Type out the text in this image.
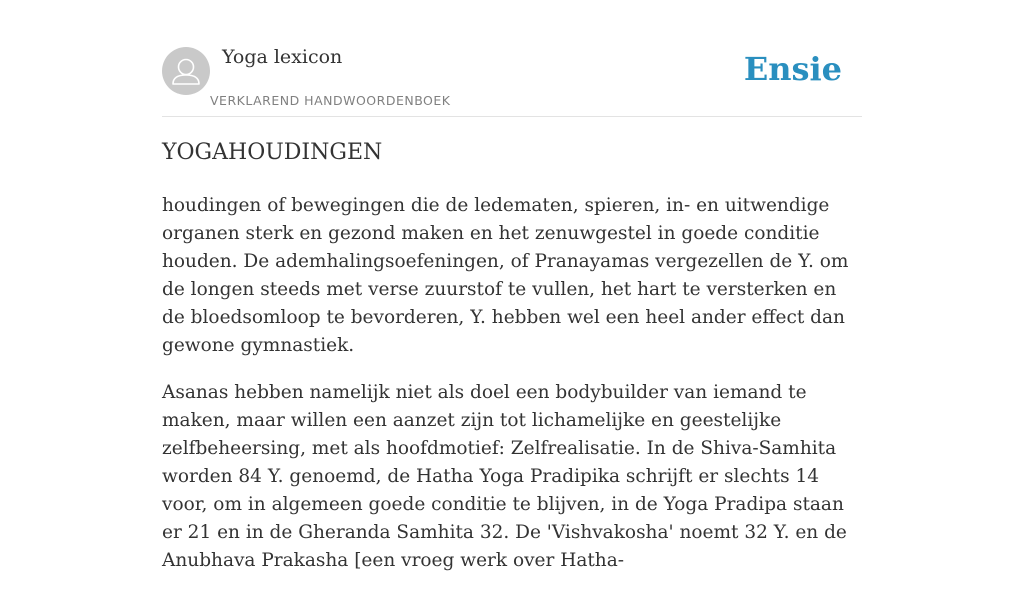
Yoga lexicon
VERKLAREND HANDWOORDENBOEK
Ensie
YOGAHOUDINGEN

houdingen of bewegingen die de ledematen, spieren, in- en uitwendige organen sterk en gezond maken en het zenuwgestel in goede conditie houden. De ademhalingsoefeningen, of Pranayamas vergezellen de Y. om de longen steeds met verse zuurstof te vullen, het hart te versterken en de bloedsomloop te bevorderen, Y. hebben wel een heel ander effect dan gewone gymnastiek.

Asanas hebben namelijk niet als doel een bodybuilder van iemand te maken, maar willen een aanzet zijn tot lichamelijke en geestelijke zelfbeheersing, met als hoofdmotief: Zelfrealisatie. In de Shiva-Samhita worden 84 Y. genoemd, de Hatha Yoga Pradipika schrijft er slechts 14 voor, om in algemeen goede conditie te blijven, in de Yoga Pradipa staan er 21 en in de Gheranda Samhita 32. De 'Vishvakosha' noemt 32 Y. en de Anubhava Prakasha [een vroeg werk over Hatha-
